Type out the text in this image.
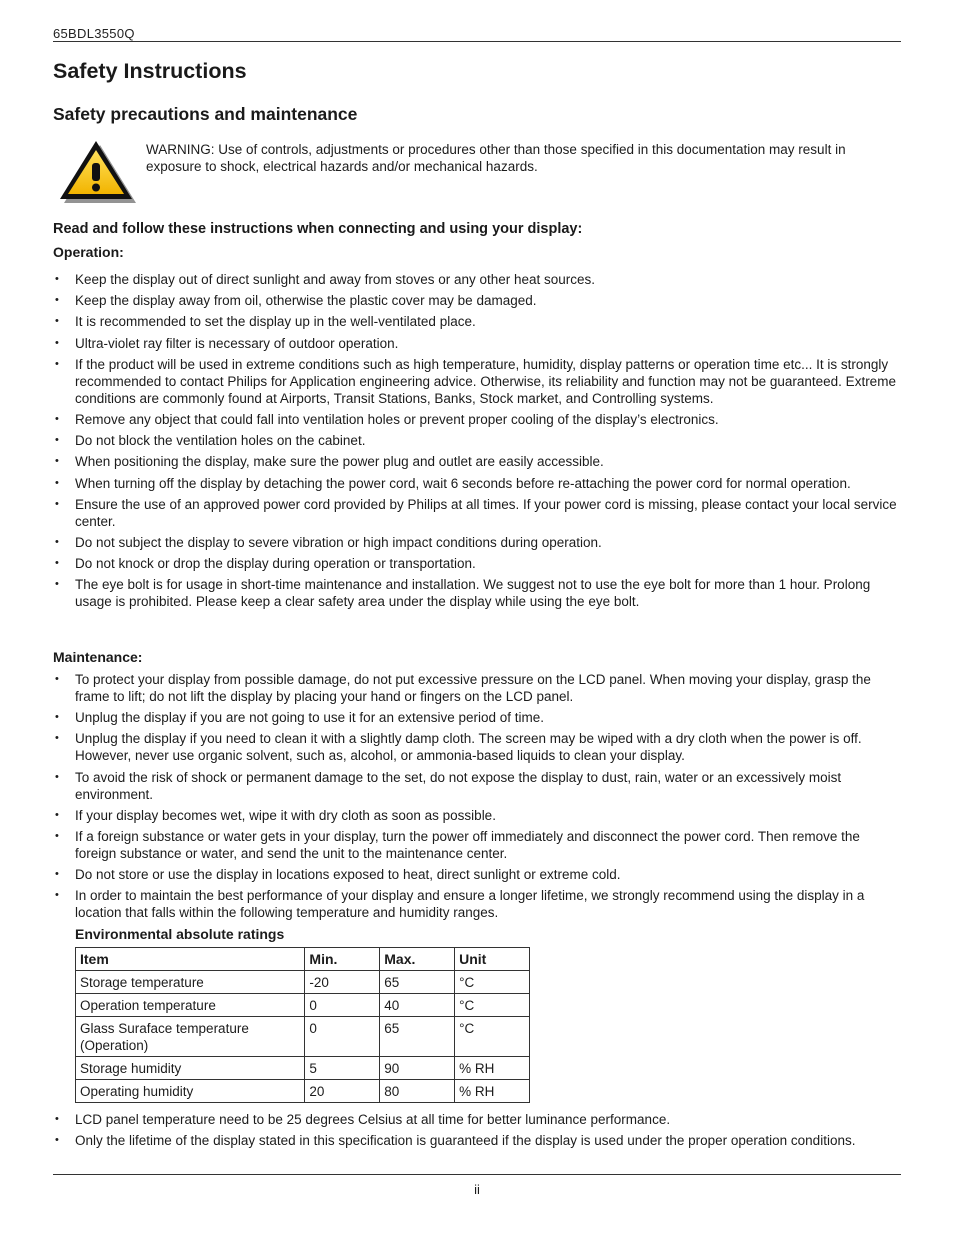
65BDL3550Q
Safety Instructions
Safety precautions and maintenance
WARNING: Use of controls, adjustments or procedures other than those specified in this documentation may result in exposure to shock, electrical hazards and/or mechanical hazards.
Read and follow these instructions when connecting and using your display:
Operation:
• Keep the display out of direct sunlight and away from stoves or any other heat sources.
• Keep the display away from oil, otherwise the plastic cover may be damaged.
• It is recommended to set the display up in the well-ventilated place.
• Ultra-violet ray filter is necessary of outdoor operation.
• If the product will be used in extreme conditions such as high temperature, humidity, display patterns or operation time etc... It is strongly recommended to contact Philips for Application engineering advice. Otherwise, its reliability and function may not be guaranteed. Extreme conditions are commonly found at Airports, Transit Stations, Banks, Stock market, and Controlling systems.
• Remove any object that could fall into ventilation holes or prevent proper cooling of the display’s electronics.
• Do not block the ventilation holes on the cabinet.
• When positioning the display, make sure the power plug and outlet are easily accessible.
• When turning off the display by detaching the power cord, wait 6 seconds before re-attaching the power cord for normal operation.
• Ensure the use of an approved power cord provided by Philips at all times. If your power cord is missing, please contact your local service center.
• Do not subject the display to severe vibration or high impact conditions during operation.
• Do not knock or drop the display during operation or transportation.
• The eye bolt is for usage in short-time maintenance and installation. We suggest not to use the eye bolt for more than 1 hour. Prolong usage is prohibited. Please keep a clear safety area under the display while using the eye bolt.
Maintenance:
• To protect your display from possible damage, do not put excessive pressure on the LCD panel. When moving your display, grasp the frame to lift; do not lift the display by placing your hand or fingers on the LCD panel.
• Unplug the display if you are not going to use it for an extensive period of time.
• Unplug the display if you need to clean it with a slightly damp cloth. The screen may be wiped with a dry cloth when the power is off. However, never use organic solvent, such as, alcohol, or ammonia-based liquids to clean your display.
• To avoid the risk of shock or permanent damage to the set, do not expose the display to dust, rain, water or an excessively moist environment.
• If your display becomes wet, wipe it with dry cloth as soon as possible.
• If a foreign substance or water gets in your display, turn the power off immediately and disconnect the power cord. Then remove the foreign substance or water, and send the unit to the maintenance center.
• Do not store or use the display in locations exposed to heat, direct sunlight or extreme cold.
• In order to maintain the best performance of your display and ensure a longer lifetime, we strongly recommend using the display in a location that falls within the following temperature and humidity ranges.
Environmental absolute ratings
Item	Min.	Max.	Unit
Storage temperature	-20	65	°C
Operation temperature	0	40	°C
Glass Suraface temperature (Operation)	0	65	°C
Storage humidity	5	90	% RH
Operating humidity	20	80	% RH
• LCD panel temperature need to be 25 degrees Celsius at all time for better luminance performance.
• Only the lifetime of the display stated in this specification is guaranteed if the display is used under the proper operation conditions.
ii
